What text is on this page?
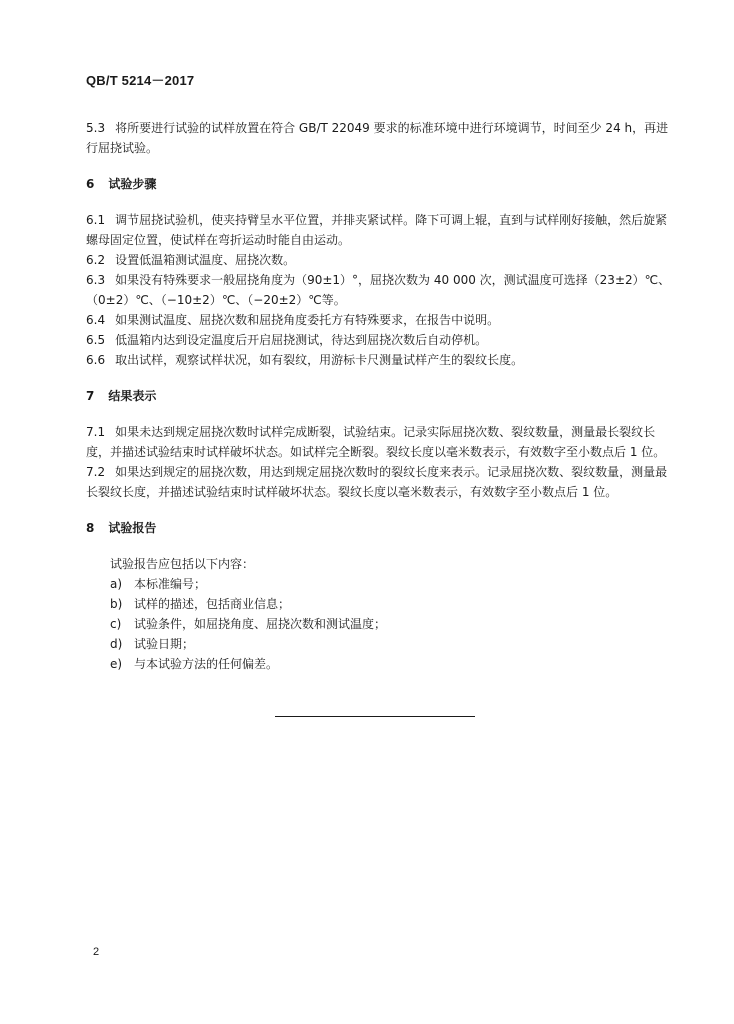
QB/T 5214－2017

5.3 将所要进行试验的试样放置在符合 GB/T 22049 要求的标准环境中进行环境调节，时间至少 24 h，再进行屈挠试验。

6 试验步骤

6.1 调节屈挠试验机，使夹持臂呈水平位置，并排夹紧试样。降下可调上辊，直到与试样刚好接触，然后旋紧螺母固定位置，使试样在弯折运动时能自由运动。

6.2 设置低温箱测试温度、屈挠次数。

6.3 如果没有特殊要求一般屈挠角度为（90±1）°，屈挠次数为 40 000 次，测试温度可选择（23±2）℃、（0±2）℃、（−10±2）℃、（−20±2）℃等。

6.4 如果测试温度、屈挠次数和屈挠角度委托方有特殊要求，在报告中说明。

6.5 低温箱内达到设定温度后开启屈挠测试，待达到屈挠次数后自动停机。

6.6 取出试样，观察试样状况，如有裂纹，用游标卡尺测量试样产生的裂纹长度。

7 结果表示

7.1 如果未达到规定屈挠次数时试样完成断裂，试验结束。记录实际屈挠次数、裂纹数量，测量最长裂纹长度，并描述试验结束时试样破坏状态。如试样完全断裂。裂纹长度以毫米数表示，有效数字至小数点后 1 位。

7.2 如果达到规定的屈挠次数，用达到规定屈挠次数时的裂纹长度来表示。记录屈挠次数、裂纹数量，测量最长裂纹长度，并描述试验结束时试样破坏状态。裂纹长度以毫米数表示，有效数字至小数点后 1 位。

8 试验报告

试验报告应包括以下内容：

a) 本标准编号；

b) 试样的描述，包括商业信息；

c) 试验条件，如屈挠角度、屈挠次数和测试温度；

d) 试验日期；

e) 与本试验方法的任何偏差。

2
